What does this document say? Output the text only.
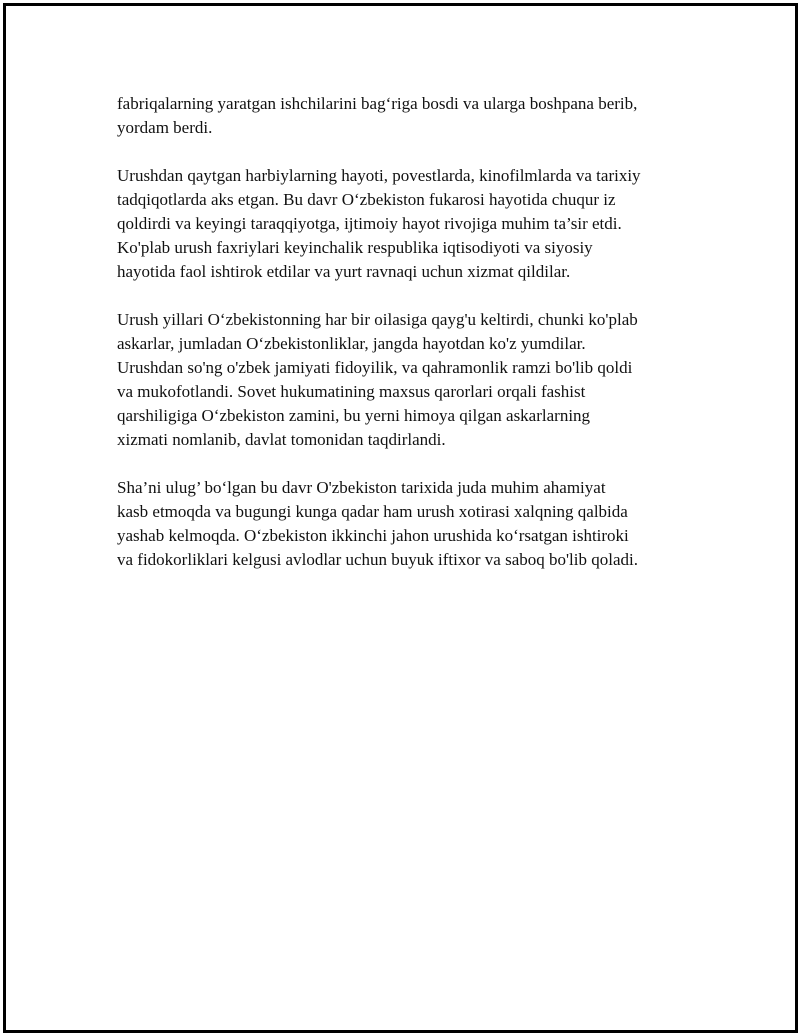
fabriqalarning yaratgan ishchilarini bag‘riga bosdi va ularga boshpana berib,
yordam berdi.

Urushdan qaytgan harbiylarning hayoti, povestlarda, kinofilmlarda va tarixiy
tadqiqotlarda aks etgan. Bu davr O‘zbekiston fukarosi hayotida chuqur iz
qoldirdi va keyingi taraqqiyotga, ijtimoiy hayot rivojiga muhim ta’sir etdi.
Ko'plab urush faxriylari keyinchalik respublika iqtisodiyoti va siyosiy
hayotida faol ishtirok etdilar va yurt ravnaqi uchun xizmat qildilar.

Urush yillari O‘zbekistonning har bir oilasiga qayg'u keltirdi, chunki ko'plab
askarlar, jumladan O‘zbekistonliklar, jangda hayotdan ko'z yumdilar.
Urushdan so'ng o'zbek jamiyati fidoyilik, va qahramonlik ramzi bo'lib qoldi
va mukofotlandi. Sovet hukumatining maxsus qarorlari orqali fashist
qarshiligiga O‘zbekiston zamini, bu yerni himoya qilgan askarlarning
xizmati nomlanib, davlat tomonidan taqdirlandi.

Sha’ni ulug’ bo‘lgan bu davr O'zbekiston tarixida juda muhim ahamiyat
kasb etmoqda va bugungi kunga qadar ham urush xotirasi xalqning qalbida
yashab kelmoqda. O‘zbekiston ikkinchi jahon urushida ko‘rsatgan ishtiroki
va fidokorliklari kelgusi avlodlar uchun buyuk iftixor va saboq bo'lib qoladi.
